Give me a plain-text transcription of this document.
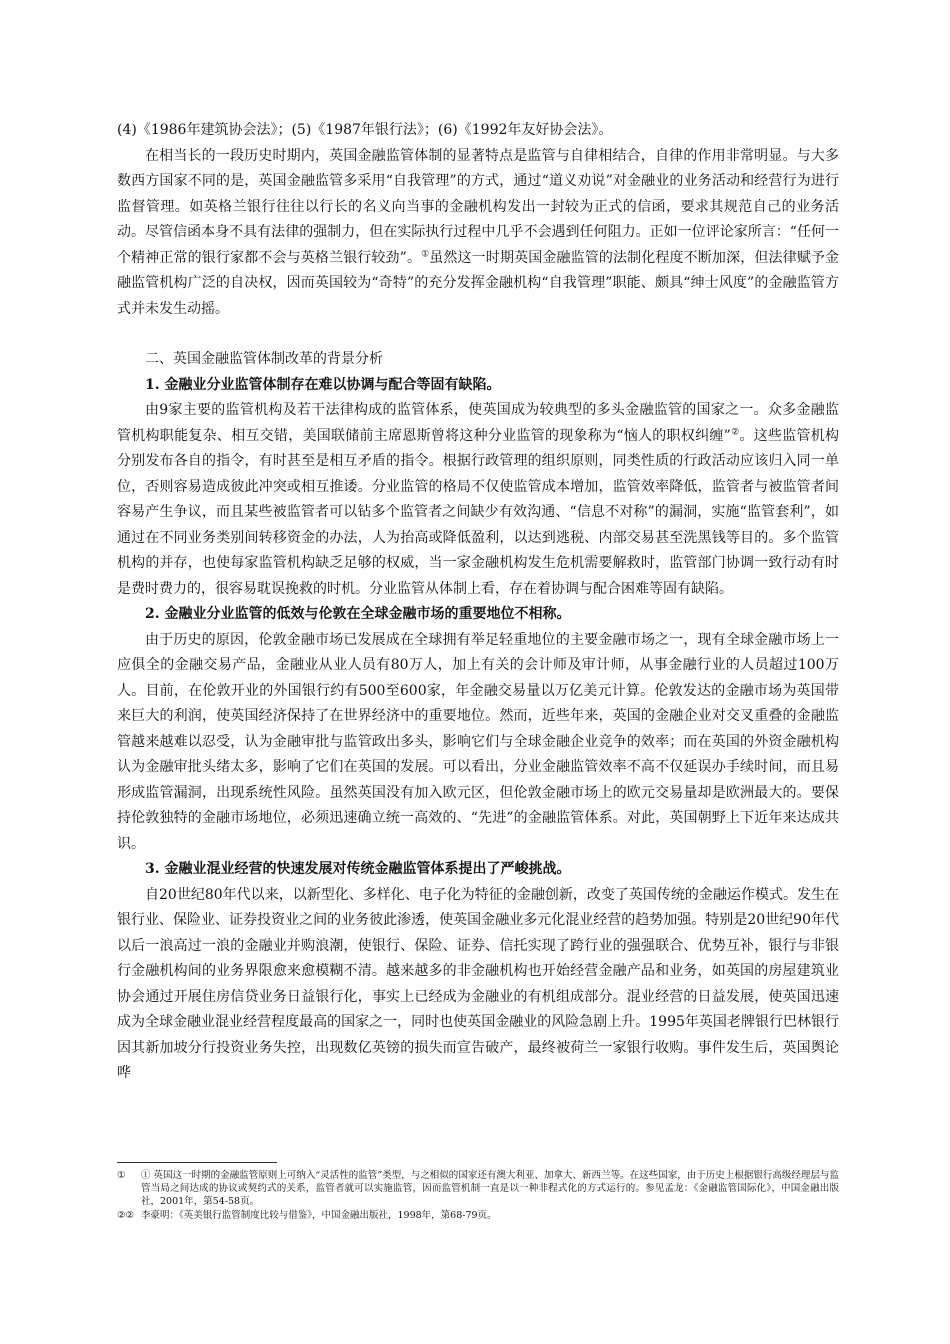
(4)《1986年建筑协会法》；(5)《1987年银行法》；(6)《1992年友好协会法》。

在相当长的一段历史时期内，英国金融监管体制的显著特点是监管与自律相结合，自律的作用非常明显。与大多数西方国家不同的是，英国金融监管多采用“自我管理”的方式，通过“道义劝说”对金融业的业务活动和经营行为进行监督管理。如英格兰银行往往以行长的名义向当事的金融机构发出一封较为正式的信函，要求其规范自己的业务活动。尽管信函本身不具有法律的强制力，但在实际执行过程中几乎不会遇到任何阻力。正如一位评论家所言：“任何一个精神正常的银行家都不会与英格兰银行较劲”。①虽然这一时期英国金融监管的法制化程度不断加深，但法律赋予金融监管机构广泛的自决权，因而英国较为“奇特”的充分发挥金融机构“自我管理”职能、颇具“绅士风度”的金融监管方式并未发生动摇。

二、英国金融监管体制改革的背景分析

1. 金融业分业监管体制存在难以协调与配合等固有缺陷。

由9家主要的监管机构及若干法律构成的监管体系，使英国成为较典型的多头金融监管的国家之一。众多金融监管机构职能复杂、相互交错，美国联储前主席恩斯曾将这种分业监管的现象称为“恼人的职权纠缠”②。这些监管机构分别发布各自的指令，有时甚至是相互矛盾的指令。根据行政管理的组织原则，同类性质的行政活动应该归入同一单位，否则容易造成彼此冲突或相互推诿。分业监管的格局不仅使监管成本增加，监管效率降低，监管者与被监管者间容易产生争议，而且某些被监管者可以钻多个监管者之间缺少有效沟通、“信息不对称”的漏洞，实施“监管套利”，如通过在不同业务类别间转移资金的办法，人为抬高或降低盈利，以达到逃税、内部交易甚至洗黑钱等目的。多个监管机构的并存，也使每家监管机构缺乏足够的权威，当一家金融机构发生危机需要解救时，监管部门协调一致行动有时是费时费力的，很容易耽误挽救的时机。分业监管从体制上看，存在着协调与配合困难等固有缺陷。

2. 金融业分业监管的低效与伦敦在全球金融市场的重要地位不相称。

由于历史的原因，伦敦金融市场已发展成在全球拥有举足轻重地位的主要金融市场之一，现有全球金融市场上一应俱全的金融交易产品，金融业从业人员有80万人，加上有关的会计师及审计师，从事金融行业的人员超过100万人。目前，在伦敦开业的外国银行约有500至600家，年金融交易量以万亿美元计算。伦敦发达的金融市场为英国带来巨大的利润，使英国经济保持了在世界经济中的重要地位。然而，近些年来，英国的金融企业对交叉重叠的金融监管越来越难以忍受，认为金融审批与监管政出多头，影响它们与全球金融企业竞争的效率；而在英国的外资金融机构认为金融审批头绪太多，影响了它们在英国的发展。可以看出，分业金融监管效率不高不仅延误办手续时间，而且易形成监管漏洞，出现系统性风险。虽然英国没有加入欧元区，但伦敦金融市场上的欧元交易量却是欧洲最大的。要保持伦敦独特的金融市场地位，必须迅速确立统一高效的、“先进”的金融监管体系。对此，英国朝野上下近年来达成共识。

3. 金融业混业经营的快速发展对传统金融监管体系提出了严峻挑战。

自20世纪80年代以来，以新型化、多样化、电子化为特征的金融创新，改变了英国传统的金融运作模式。发生在银行业、保险业、证券投资业之间的业务彼此渗透，使英国金融业多元化混业经营的趋势加强。特别是20世纪90年代以后一浪高过一浪的金融业并购浪潮，使银行、保险、证券、信托实现了跨行业的强强联合、优势互补，银行与非银行金融机构间的业务界限愈来愈模糊不清。越来越多的非金融机构也开始经营金融产品和业务，如英国的房屋建筑业协会通过开展住房信贷业务日益银行化，事实上已经成为金融业的有机组成部分。混业经营的日益发展，使英国迅速成为全球金融业混业经营程度最高的国家之一，同时也使英国金融业的风险急剧上升。1995年英国老牌银行巴林银行因其新加坡分行投资业务失控，出现数亿英镑的损失而宣告破产，最终被荷兰一家银行收购。事件发生后，英国舆论哗

①	① 英国这一时期的金融监管原则上可纳入“灵活性的监管”类型，与之相似的国家还有澳大利亚、加拿大、新西兰等。在这些国家，由于历史上根据银行高级经理层与监管当局之间达成的协议或契约式的关系，监管者就可以实施监管，因而监管机制一直是以一种非程式化的方式运行的。参见孟龙：《金融监管国际化》，中国金融出版社，2001年，第54-58页。
②② 李豪明：《英美银行监管制度比较与借鉴》，中国金融出版社，1998年，第68-79页。
